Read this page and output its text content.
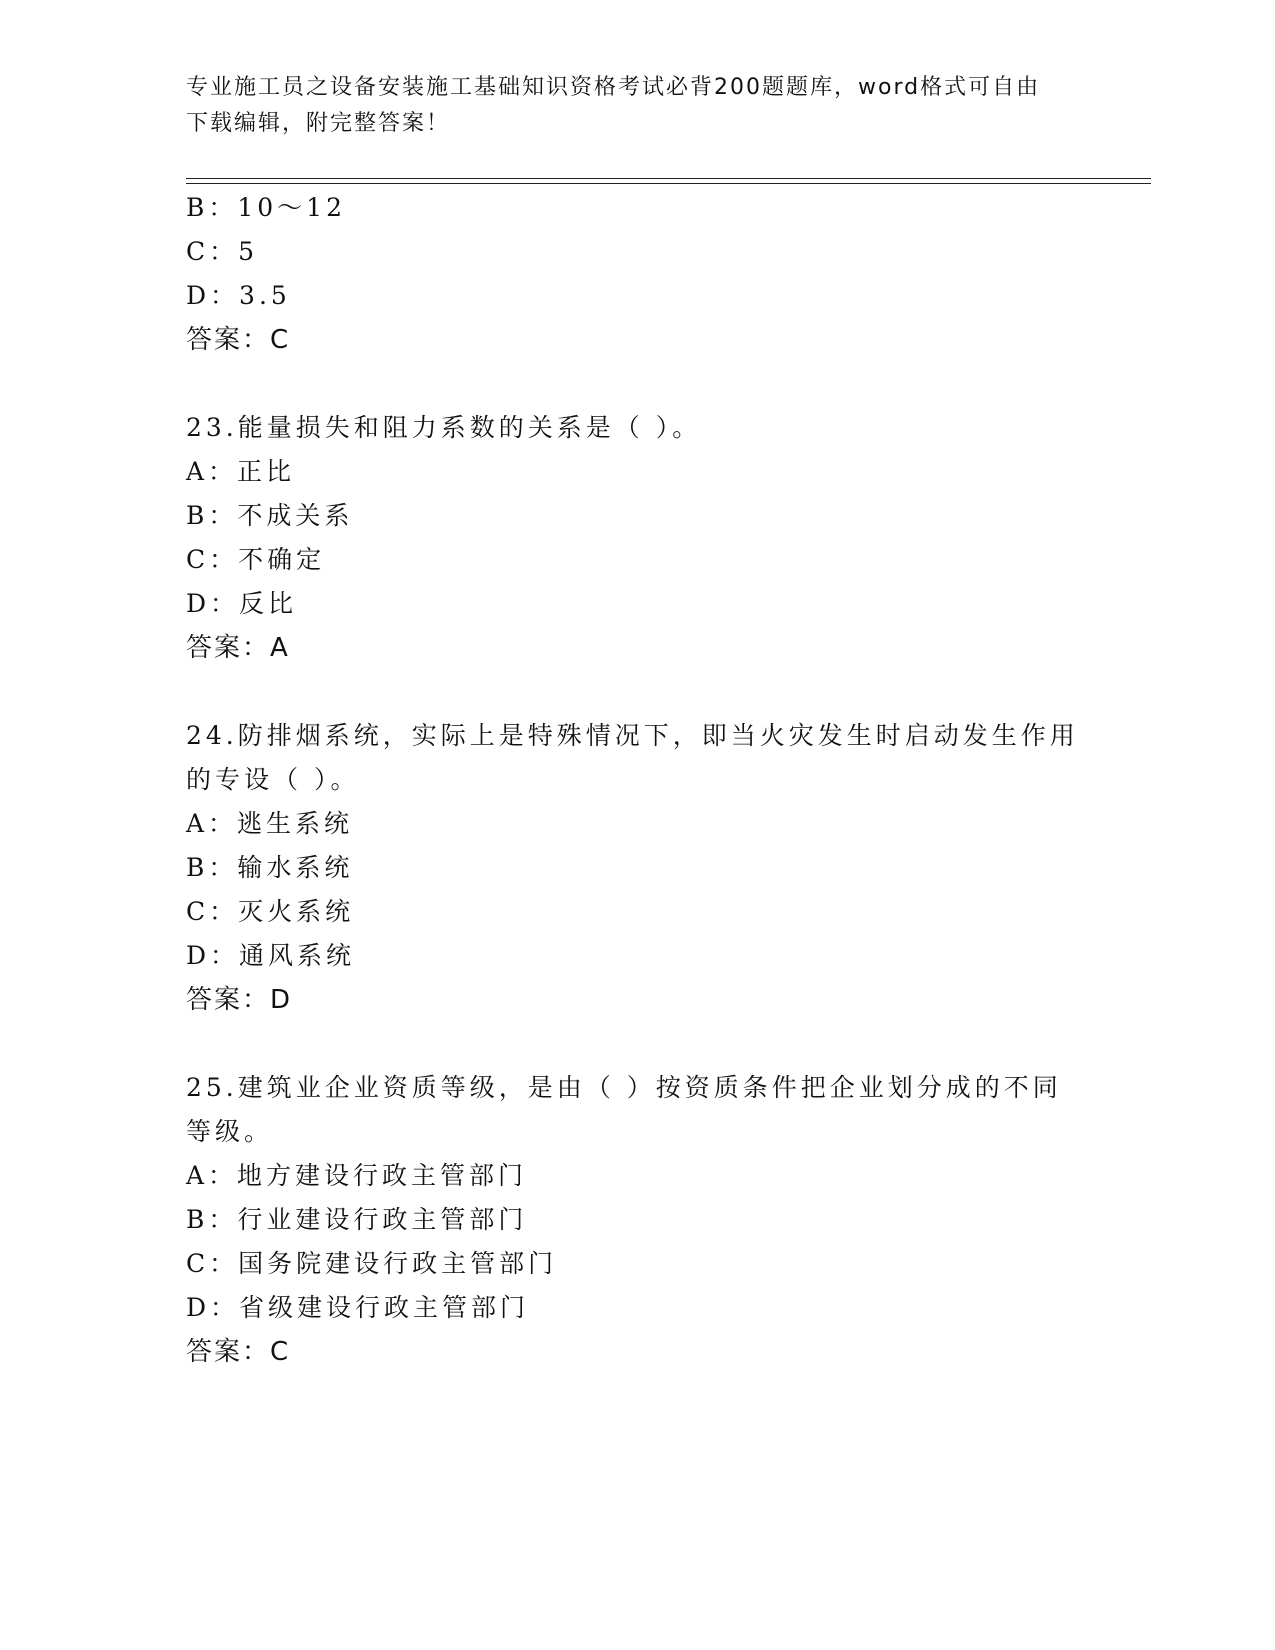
专业施工员之设备安装施工基础知识资格考试必背200题题库，word格式可自由
下载编辑，附完整答案！
B：10～12
C：5
D：3.5
答案：C
23.能量损失和阻力系数的关系是（ ）。
A：正比
B：不成关系
C：不确定
D：反比
答案：A
24.防排烟系统，实际上是特殊情况下，即当火灾发生时启动发生作用
的专设（ ）。
A：逃生系统
B：输水系统
C：灭火系统
D：通风系统
答案：D
25.建筑业企业资质等级，是由（ ）按资质条件把企业划分成的不同
等级。
A：地方建设行政主管部门
B：行业建设行政主管部门
C：国务院建设行政主管部门
D：省级建设行政主管部门
答案：C
